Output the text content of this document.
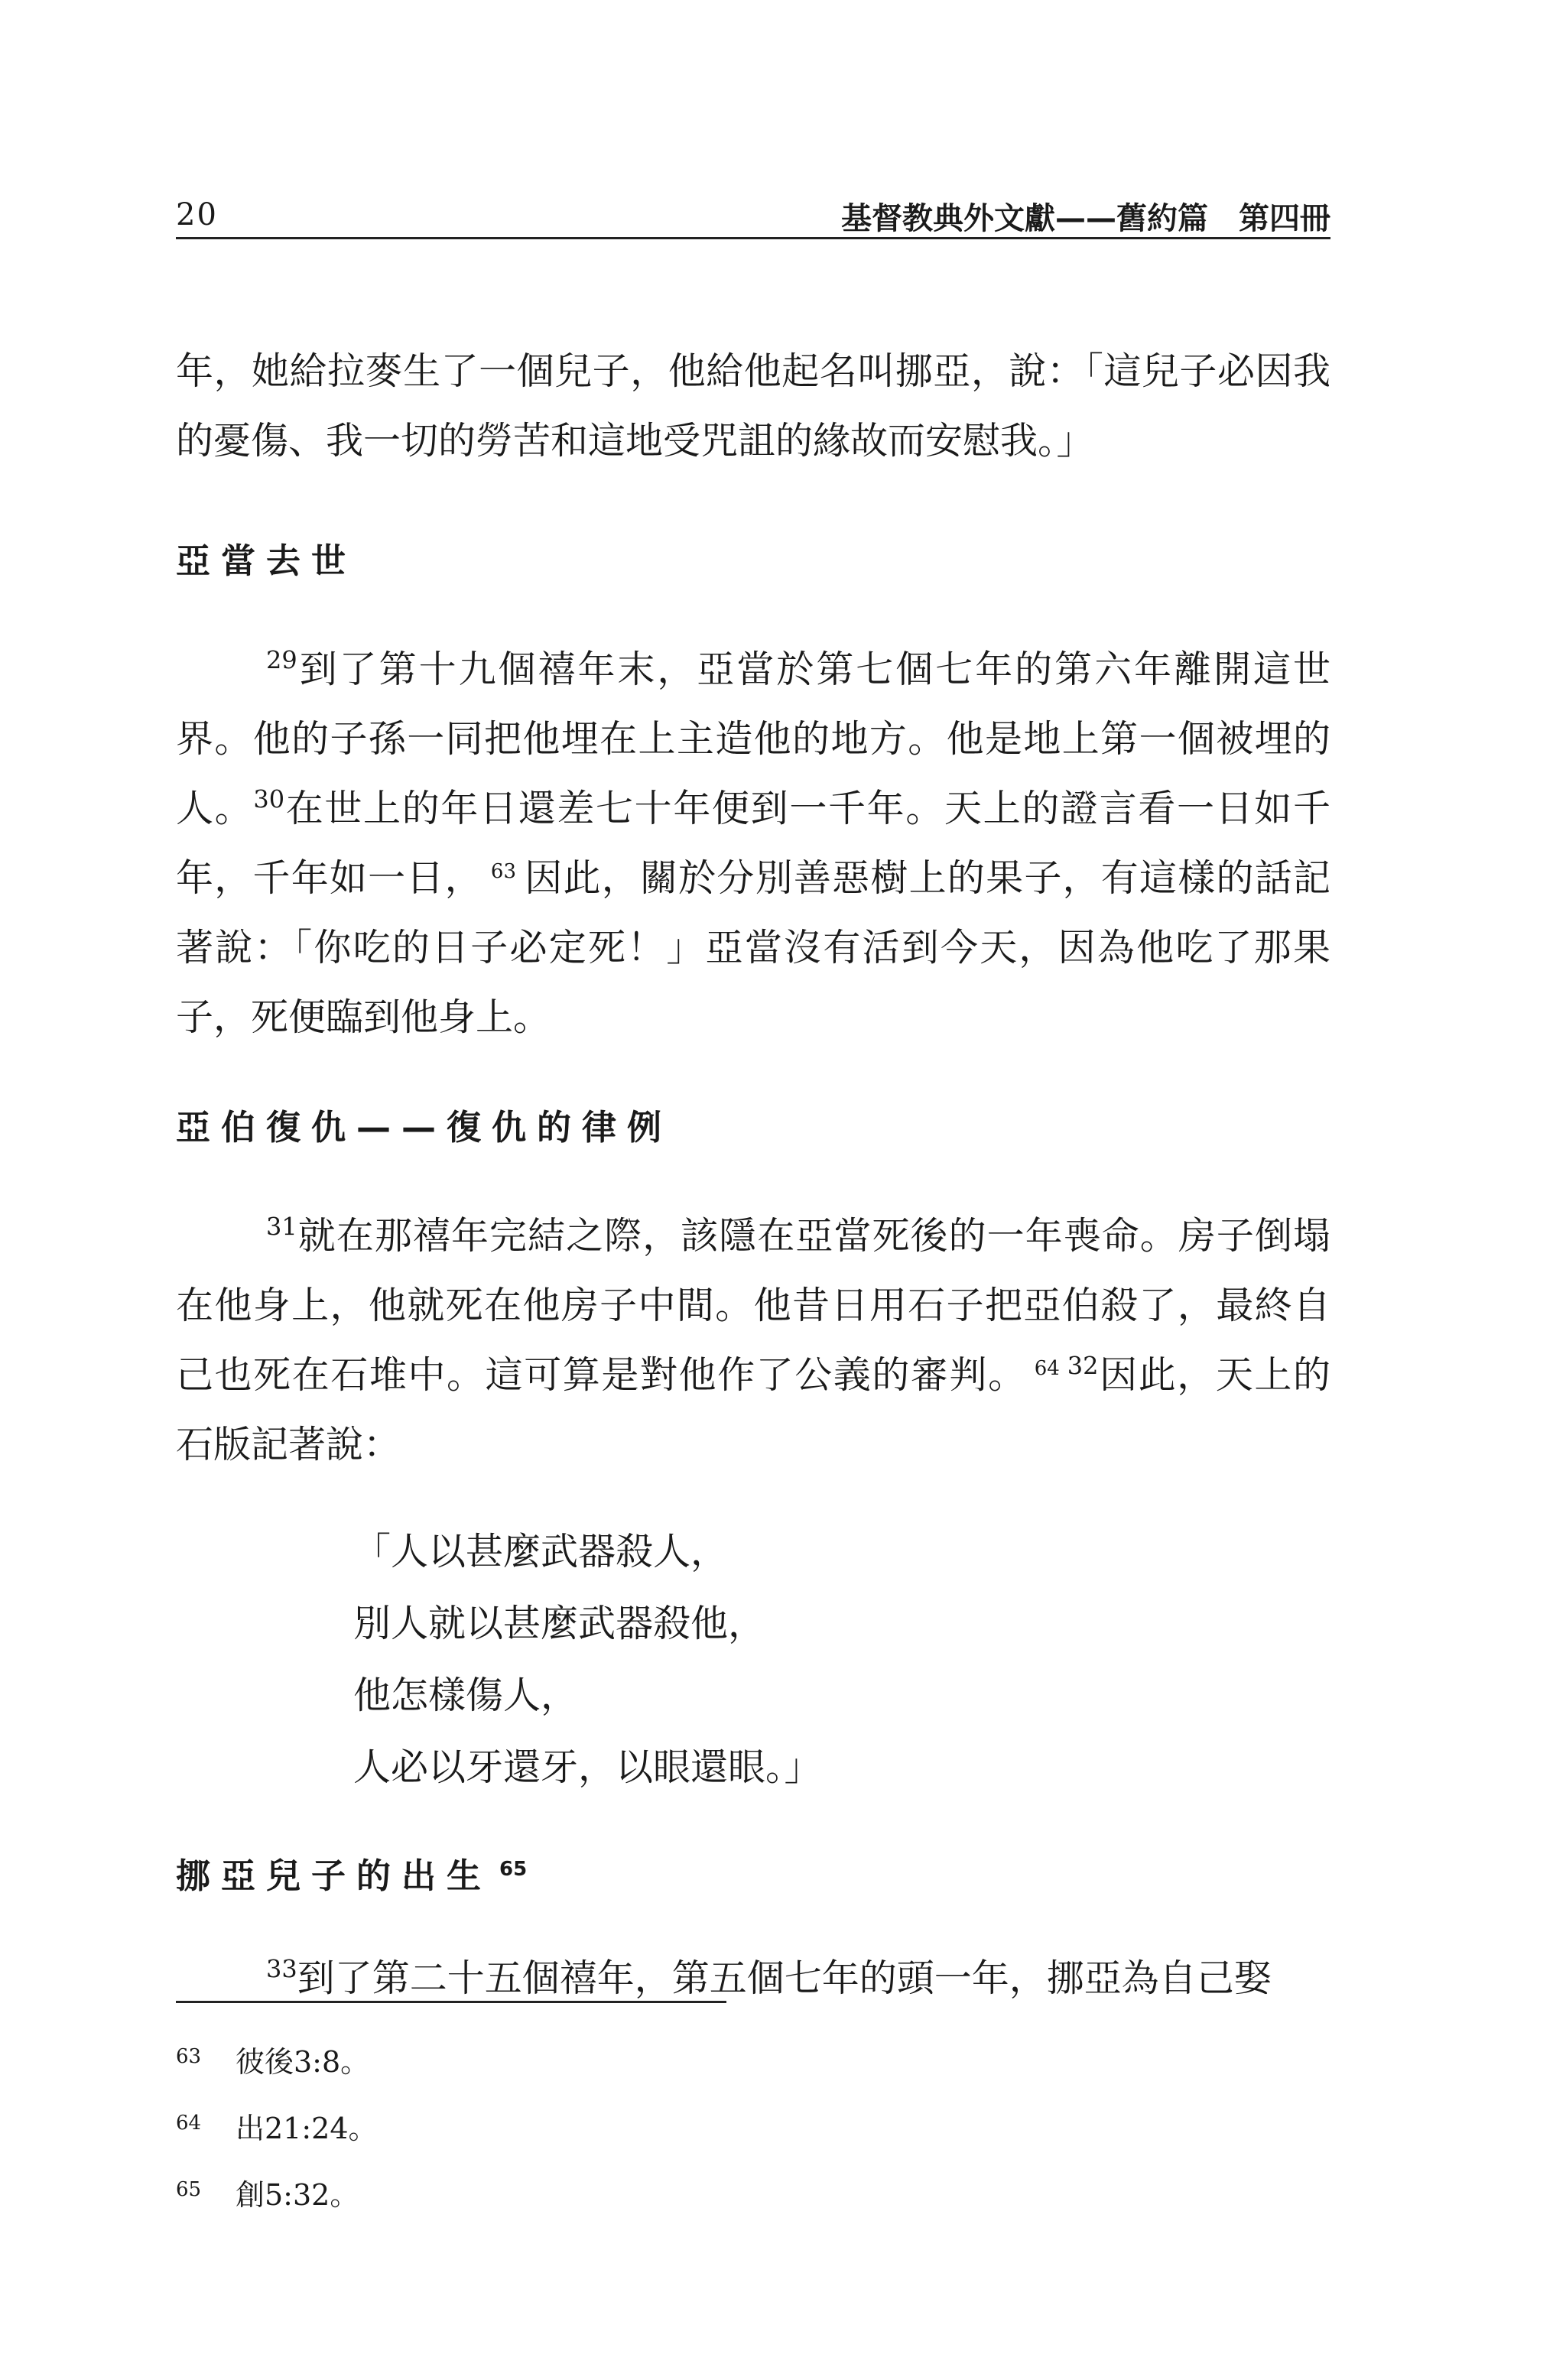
20	基督教典外文獻——舊約篇 第四冊

年，她給拉麥生了一個兒子，他給他起名叫挪亞，說：「這兒子必因我的憂傷、我一切的勞苦和這地受咒詛的緣故而安慰我。」

亞當去世

$^{29}$到了第十九個禧年末，亞當於第七個七年的第六年離開這世界。他的子孫一同把他埋在上主造他的地方。他是地上第一個被埋的人。$^{30}$在世上的年日還差七十年便到一千年。天上的證言看一日如千年，千年如一日， $^{63}$ 因此，關於分別善惡樹上的果子，有這樣的話記著說：「你吃的日子必定死！」亞當沒有活到今天，因為他吃了那果子，死便臨到他身上。

亞伯復仇——復仇的律例

$^{31}$就在那禧年完結之際，該隱在亞當死後的一年喪命。房子倒塌在他身上，他就死在他房子中間。他昔日用石子把亞伯殺了，最終自己也死在石堆中。這可算是對他作了公義的審判。 $^{64}$ $^{32}$因此，天上的石版記著說：

「人以甚麼武器殺人，
別人就以甚麼武器殺他，
他怎樣傷人，
人必以牙還牙，以眼還眼。」

挪亞兒子的出生 $^{65}$

$^{33}$到了第二十五個禧年，第五個七年的頭一年，挪亞為自己娶

63 彼後3:8。
64 出21:24。
65 創5:32。
